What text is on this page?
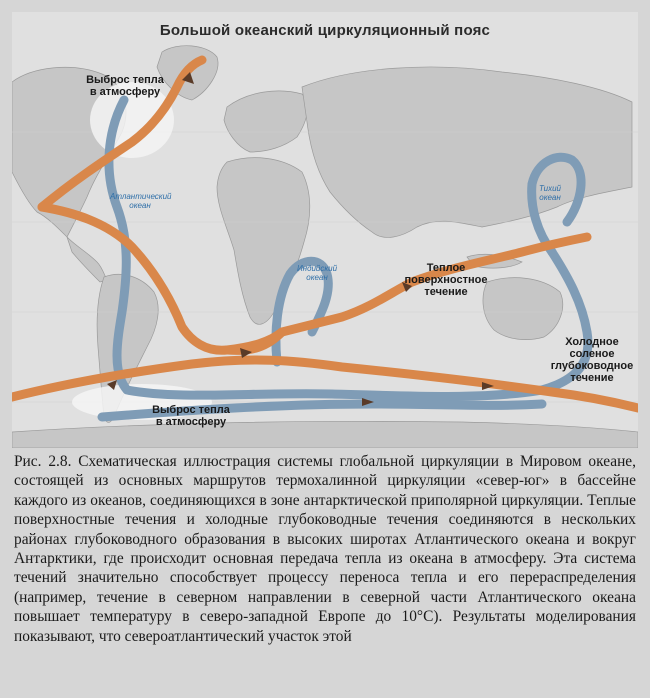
Большой океанский циркуляционный пояс
Выброс тепла
в атмосферу
Выброс тепла
в атмосферу
Теплое
поверхностное
течение
Холодное
соленое
глубоководное
течение
Атлантический
океан
Индийский
океан
Тихий
океан

Рис. 2.8. Схематическая иллюстрация системы глобальной циркуляции в Мировом океане, состоящей из основных маршрутов термохалинной циркуляции «север-юг» в бассейне каждого из океанов, соединяющихся в зоне антарктической приполярной циркуляции. Теплые поверхностные течения и холодные глубоководные течения соединяются в нескольких районах глубоководного образования в высоких широтах Атлантического океана и вокруг Антарктики, где происходит основная передача тепла из океана в атмосферу. Эта система течений значительно способствует процессу переноса тепла и его перераспределения (например, течение в северном направлении в северной части Атлантического океана повышает температуру в северо-западной Европе до 10°С). Результаты моделирования показывают, что североатлантический участок этой
